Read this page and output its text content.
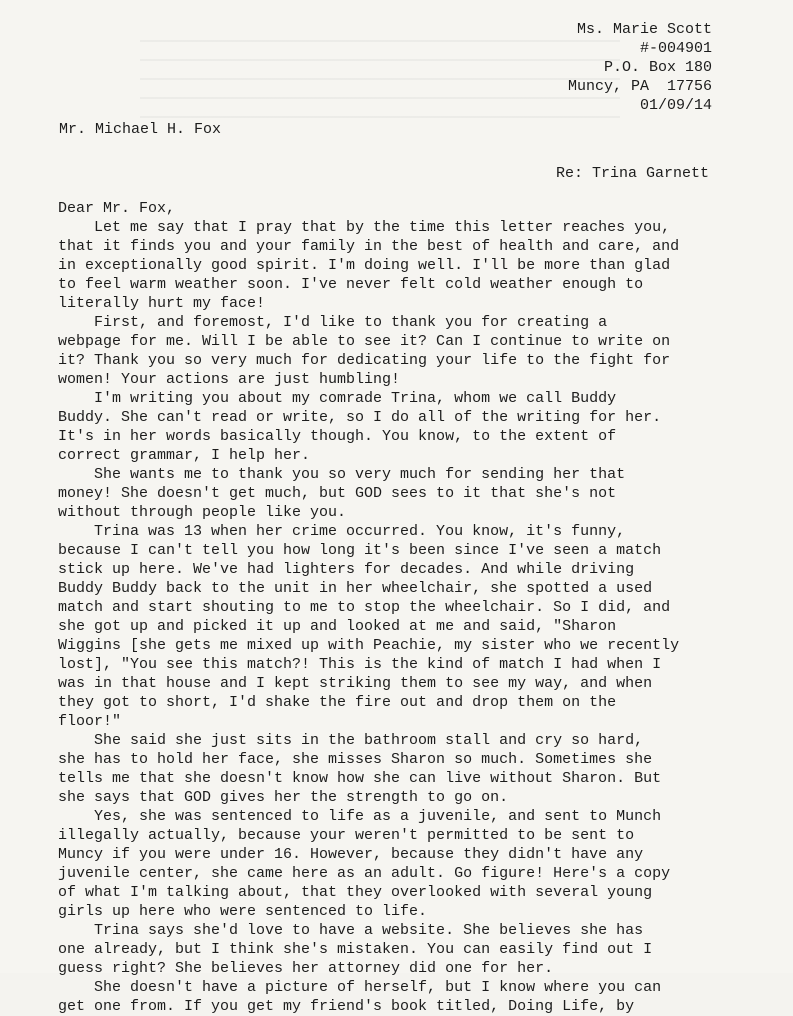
Ms. Marie Scott
#-004901
P.O. Box 180
Muncy, PA  17756
01/09/14
Mr. Michael H. Fox
Re: Trina Garnett
Dear Mr. Fox,
Let me say that I pray that by the time this letter reaches you,
that it finds you and your family in the best of health and care, and
in exceptionally good spirit. I'm doing well. I'll be more than glad
to feel warm weather soon. I've never felt cold weather enough to
literally hurt my face!
First, and foremost, I'd like to thank you for creating a
webpage for me. Will I be able to see it? Can I continue to write on
it? Thank you so very much for dedicating your life to the fight for
women! Your actions are just humbling!
I'm writing you about my comrade Trina, whom we call Buddy
Buddy. She can't read or write, so I do all of the writing for her.
It's in her words basically though. You know, to the extent of
correct grammar, I help her.
She wants me to thank you so very much for sending her that
money! She doesn't get much, but GOD sees to it that she's not
without through people like you.
Trina was 13 when her crime occurred. You know, it's funny,
because I can't tell you how long it's been since I've seen a match
stick up here. We've had lighters for decades. And while driving
Buddy Buddy back to the unit in her wheelchair, she spotted a used
match and start shouting to me to stop the wheelchair. So I did, and
she got up and picked it up and looked at me and said, "Sharon
Wiggins [she gets me mixed up with Peachie, my sister who we recently
lost], "You see this match?! This is the kind of match I had when I
was in that house and I kept striking them to see my way, and when
they got to short, I'd shake the fire out and drop them on the
floor!"
She said she just sits in the bathroom stall and cry so hard,
she has to hold her face, she misses Sharon so much. Sometimes she
tells me that she doesn't know how she can live without Sharon. But
she says that GOD gives her the strength to go on.
Yes, she was sentenced to life as a juvenile, and sent to Munch
illegally actually, because your weren't permitted to be sent to
Muncy if you were under 16. However, because they didn't have any
juvenile center, she came here as an adult. Go figure! Here's a copy
of what I'm talking about, that they overlooked with several young
girls up here who were sentenced to life.
Trina says she'd love to have a website. She believes she has
one already, but I think she's mistaken. You can easily find out I
guess right? She believes her attorney did one for her.
She doesn't have a picture of herself, but I know where you can
get one from. If you get my friend's book titled, Doing Life, by
